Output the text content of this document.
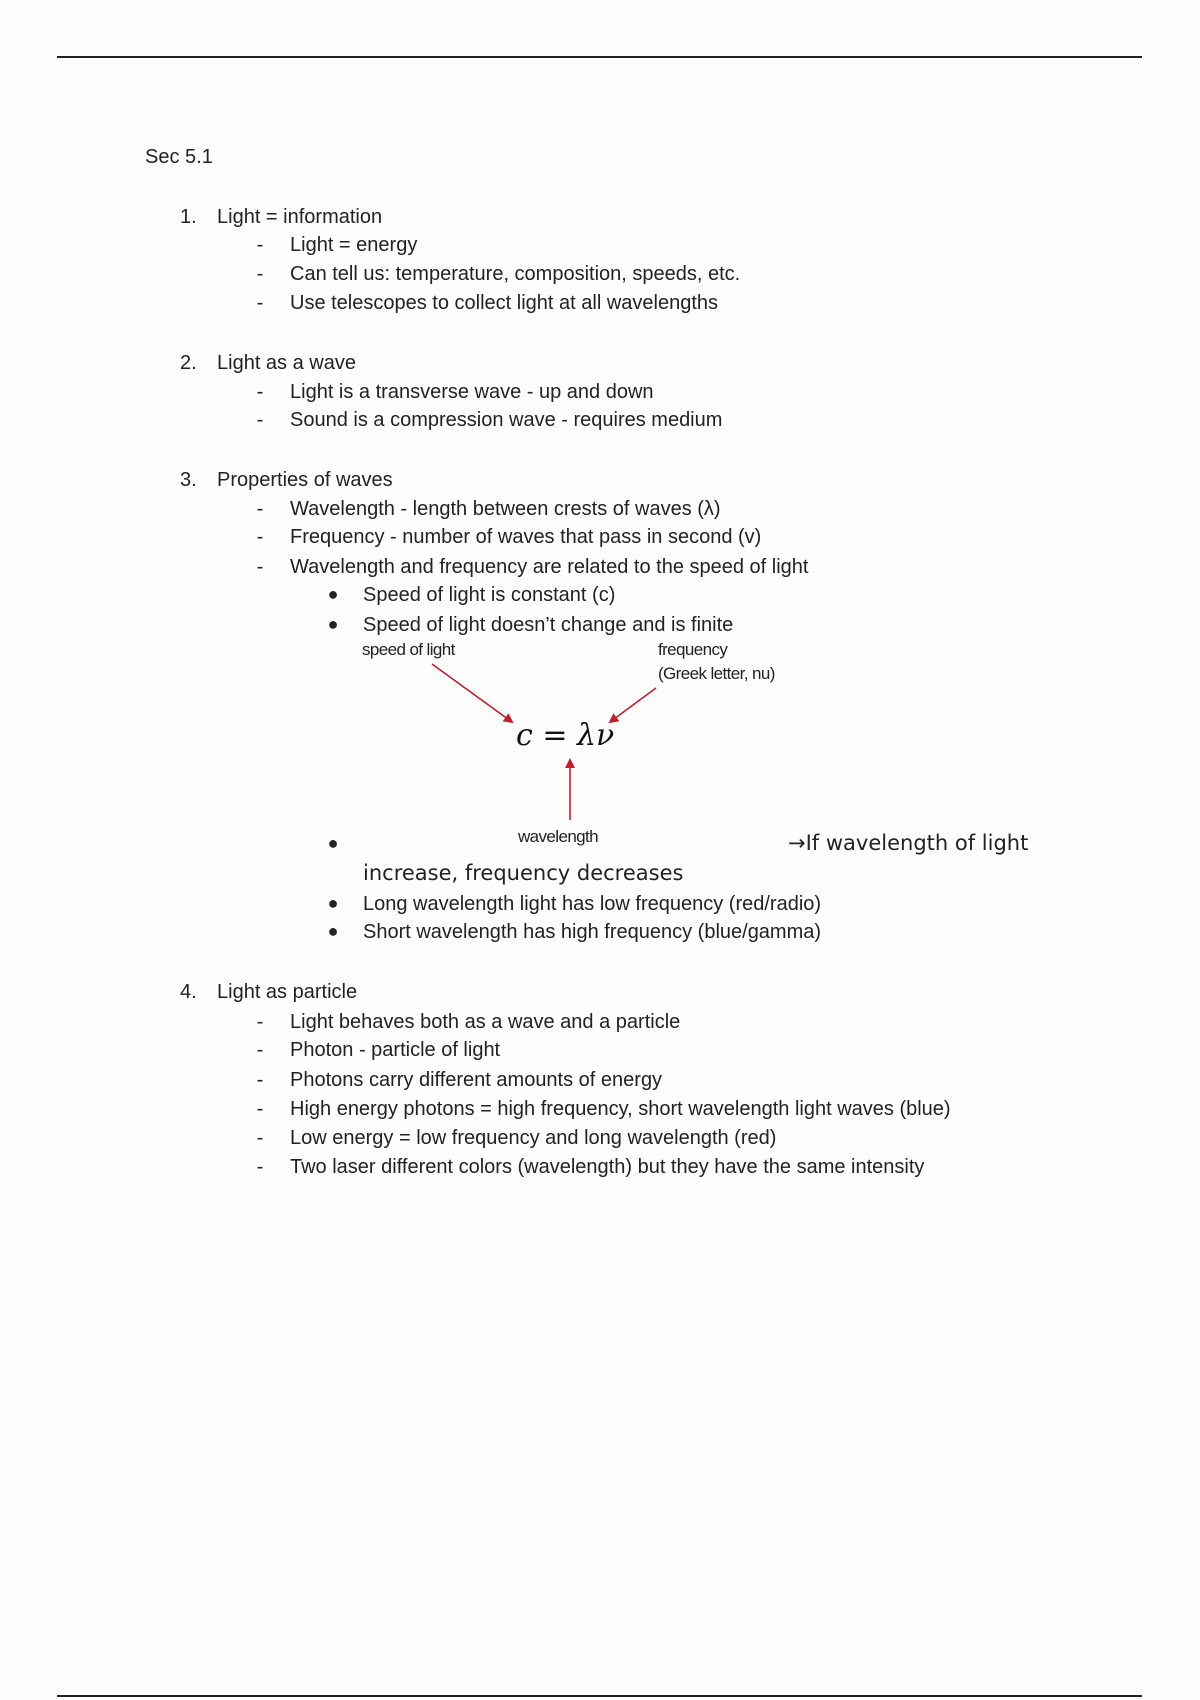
Sec 5.1
1. Light = information
- Light = energy
- Can tell us: temperature, composition, speeds, etc.
- Use telescopes to collect light at all wavelengths
2. Light as a wave
- Light is a transverse wave - up and down
- Sound is a compression wave - requires medium
3. Properties of waves
- Wavelength - length between crests of waves (λ)
- Frequency - number of waves that pass in second (v)
- Wavelength and frequency are related to the speed of light
● Speed of light is constant (c)
● Speed of light doesn’t change and is finite
speed of light	frequency
(Greek letter, nu)
c = λν
wavelength
●	→If wavelength of light
increase, frequency decreases
● Long wavelength light has low frequency (red/radio)
● Short wavelength has high frequency (blue/gamma)
4. Light as particle
- Light behaves both as a wave and a particle
- Photon - particle of light
- Photons carry different amounts of energy
- High energy photons = high frequency, short wavelength light waves (blue)
- Low energy = low frequency and long wavelength (red)
- Two laser different colors (wavelength) but they have the same intensity
